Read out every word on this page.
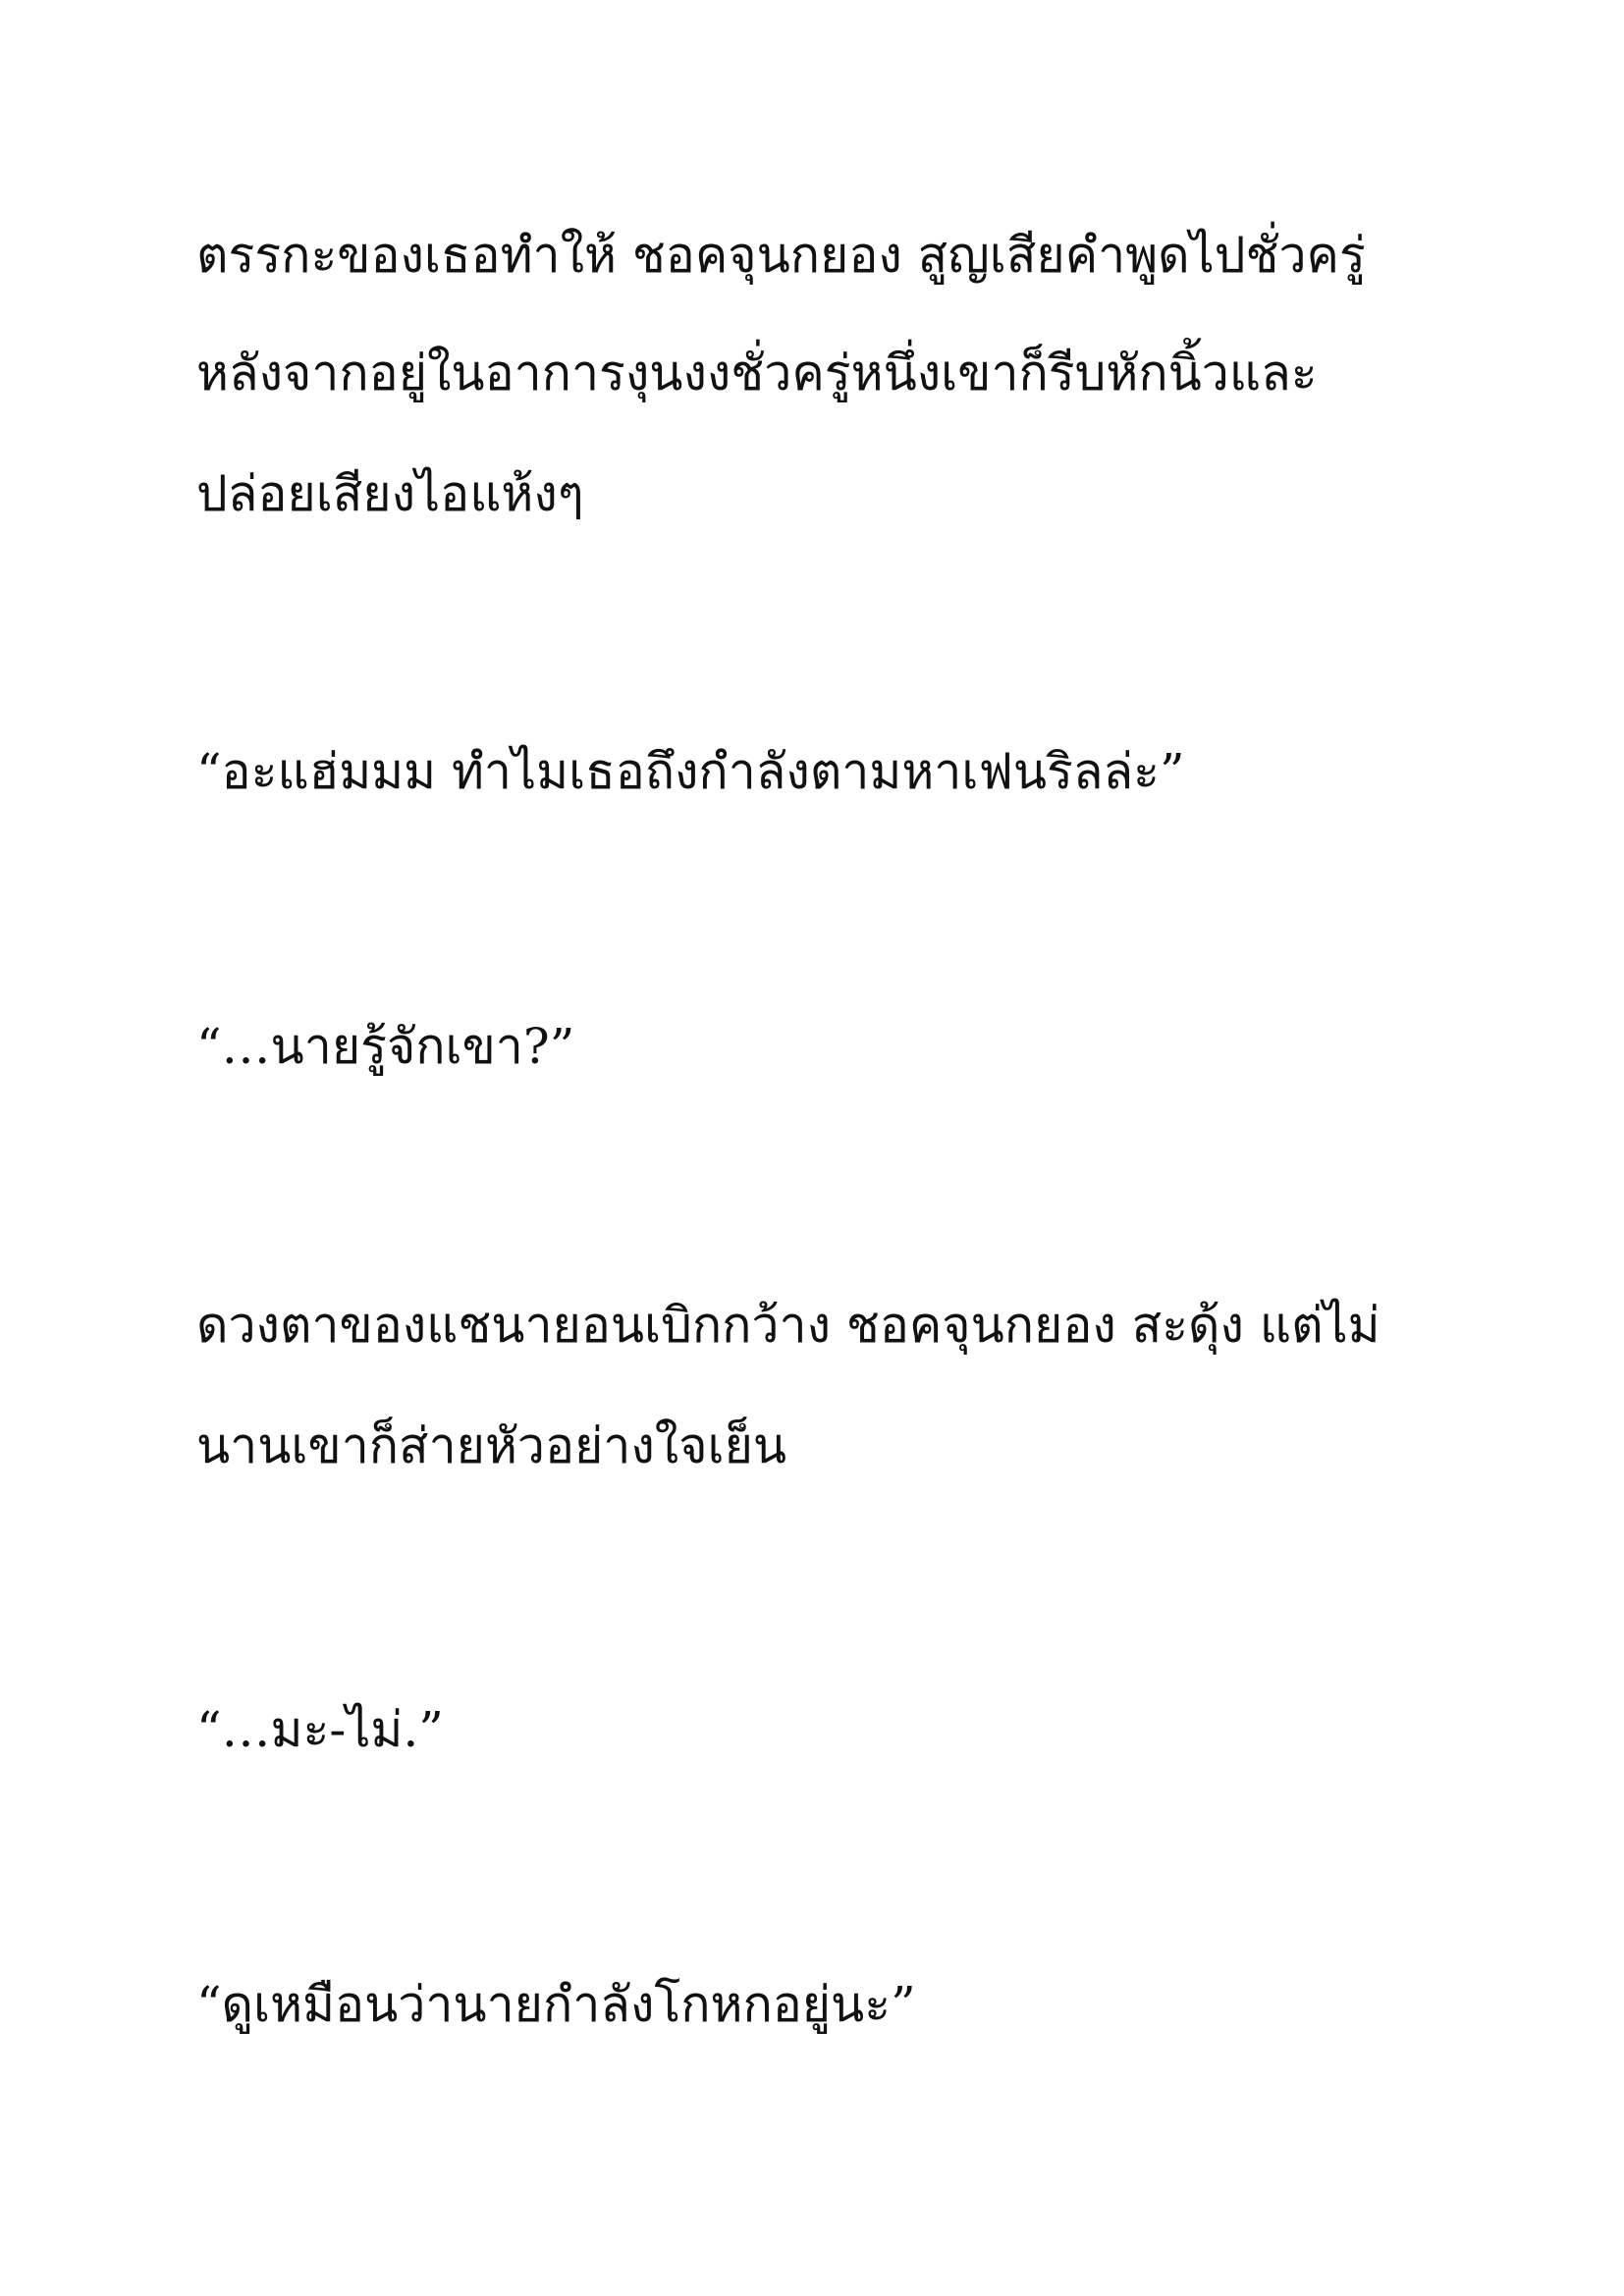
ตรรกะของเธอทำให้ ชอคจุนกยอง สูญเสียคำพูดไปชั่วครู่
หลังจากอยู่ในอาการงุนงงชั่วครู่หนึ่งเขาก็รีบหักนิ้วและ
ปล่อยเสียงไอแห้งๆ
“อะแฮ่มมม ทำไมเธอถึงกำลังตามหาเฟนริลล่ะ”
“…นายรู้จักเขา?”
ดวงตาของแชนายอนเบิกกว้าง ชอคจุนกยอง สะดุ้ง แต่ไม่
นานเขาก็ส่ายหัวอย่างใจเย็น
“…มะ-ไม่.”
“ดูเหมือนว่านายกำลังโกหกอยู่นะ”
